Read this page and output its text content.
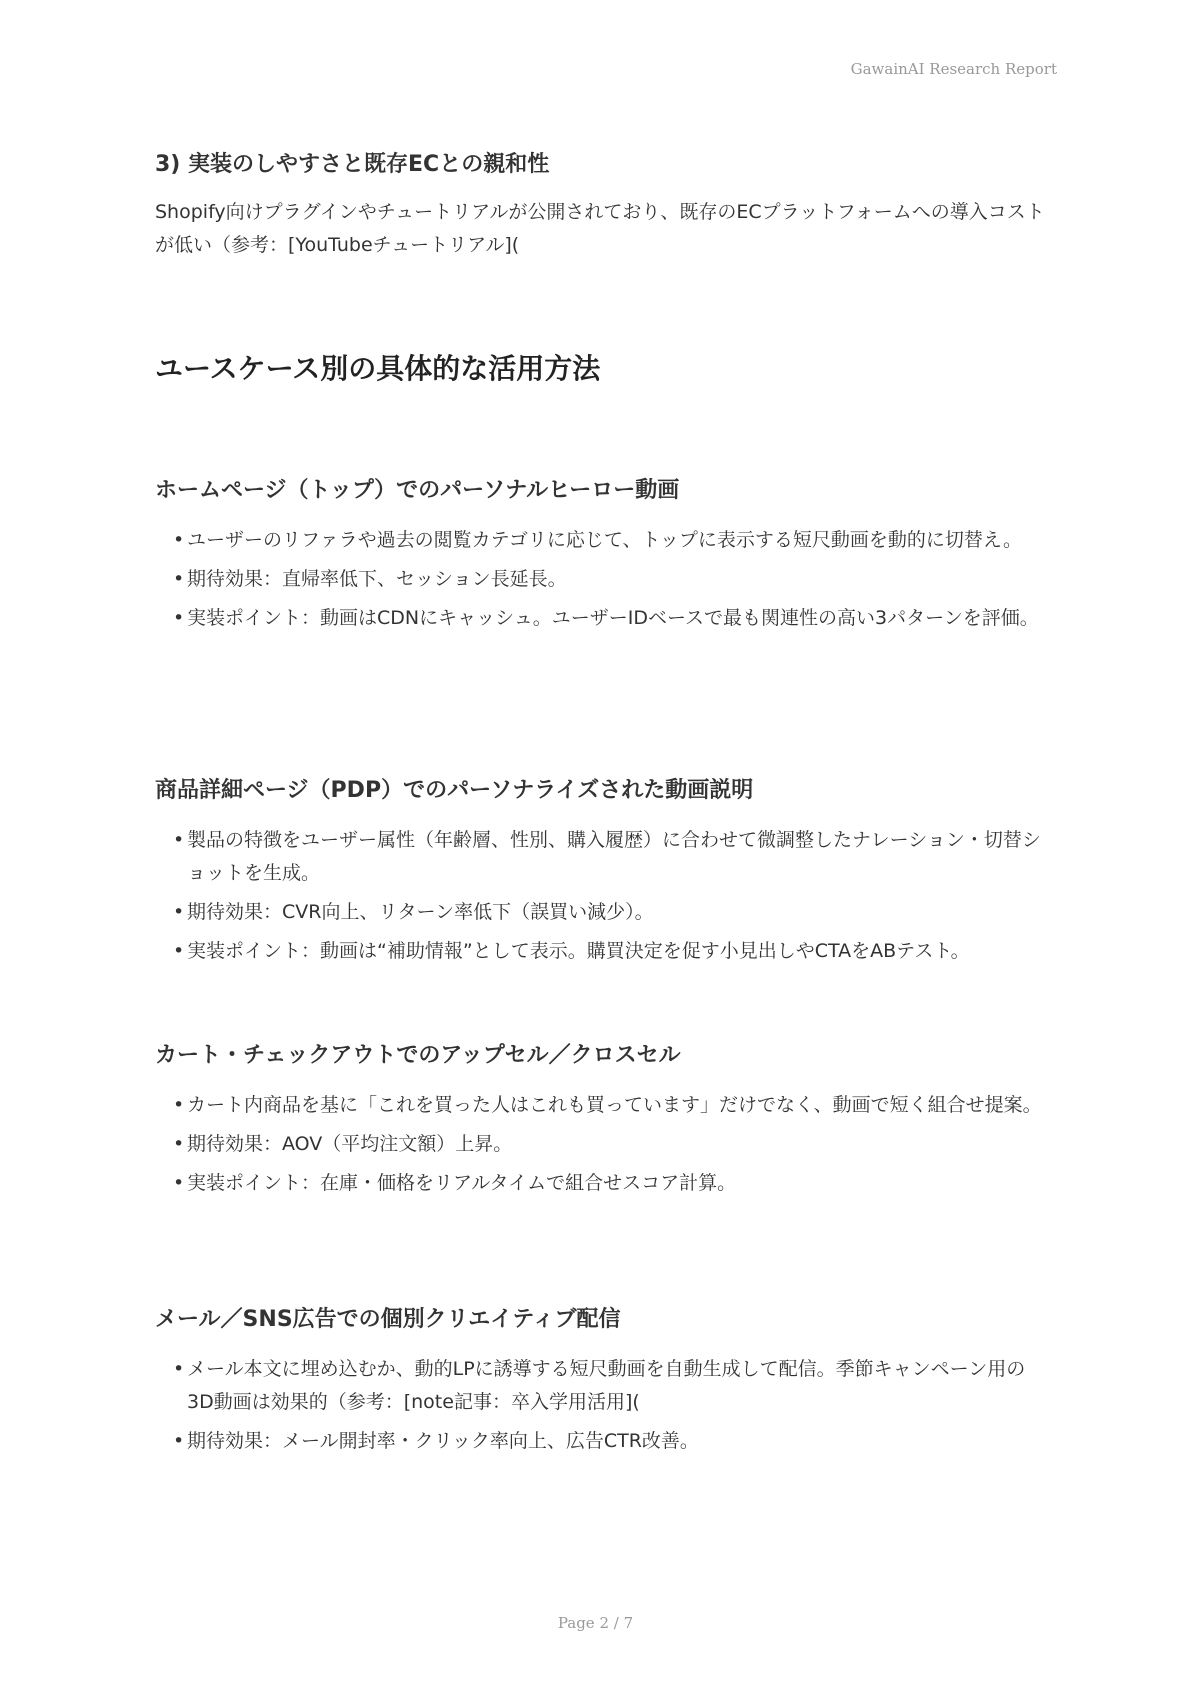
GawainAI Research Report
3) 実装のしやすさと既存ECとの親和性

Shopify向けプラグインやチュートリアルが公開されており、既存のECプラットフォームへの導入コストが低い（参考：[YouTubeチュートリアル](

ユースケース別の具体的な活用方法
ホームページ（トップ）でのパーソナルヒーロー動画
• ユーザーのリファラや過去の閲覧カテゴリに応じて、トップに表示する短尺動画を動的に切替え。
• 期待効果：直帰率低下、セッション長延長。
• 実装ポイント：動画はCDNにキャッシュ。ユーザーIDベースで最も関連性の高い3パターンを評価。
商品詳細ページ（PDP）でのパーソナライズされた動画説明
• 製品の特徴をユーザー属性（年齢層、性別、購入履歴）に合わせて微調整したナレーション・切替ショットを生成。
• 期待効果：CVR向上、リターン率低下（誤買い減少）。
• 実装ポイント：動画は“補助情報”として表示。購買決定を促す小見出しやCTAをABテスト。
カート・チェックアウトでのアップセル／クロスセル
• カート内商品を基に「これを買った人はこれも買っています」だけでなく、動画で短く組合せ提案。
• 期待効果：AOV（平均注文額）上昇。
• 実装ポイント：在庫・価格をリアルタイムで組合せスコア計算。
メール／SNS広告での個別クリエイティブ配信
• メール本文に埋め込むか、動的LPに誘導する短尺動画を自動生成して配信。季節キャンペーン用の3D動画は効果的（参考：[note記事：卒入学用活用](
• 期待効果：メール開封率・クリック率向上、広告CTR改善。
Page 2 / 7
